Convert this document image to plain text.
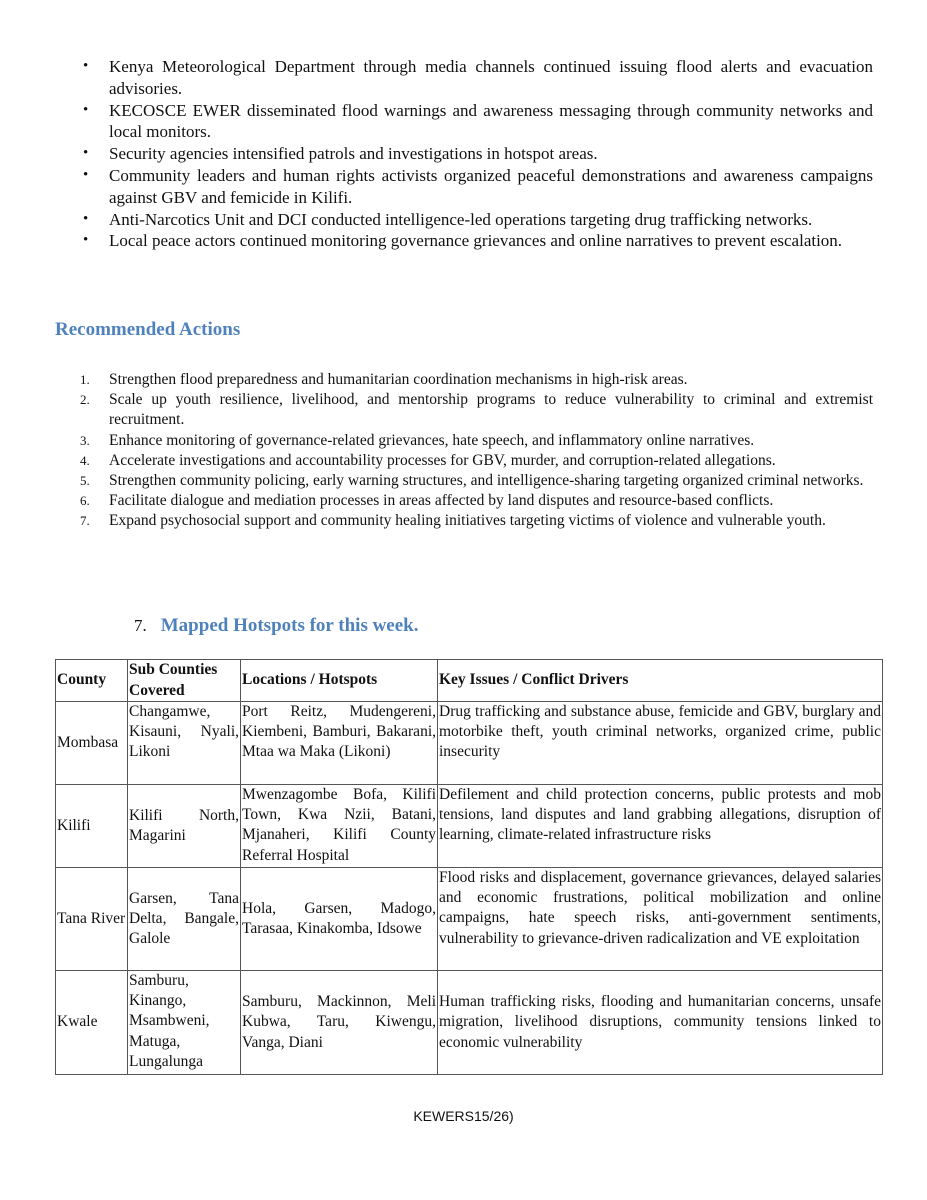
• Kenya Meteorological Department through media channels continued issuing flood alerts and evacuation advisories.
• KECOSCE EWER disseminated flood warnings and awareness messaging through community networks and local monitors.
• Security agencies intensified patrols and investigations in hotspot areas.
• Community leaders and human rights activists organized peaceful demonstrations and awareness campaigns against GBV and femicide in Kilifi.
• Anti-Narcotics Unit and DCI conducted intelligence-led operations targeting drug trafficking networks.
• Local peace actors continued monitoring governance grievances and online narratives to prevent escalation.
Recommended Actions
1. Strengthen flood preparedness and humanitarian coordination mechanisms in high-risk areas.
2. Scale up youth resilience, livelihood, and mentorship programs to reduce vulnerability to criminal and extremist recruitment.
3. Enhance monitoring of governance-related grievances, hate speech, and inflammatory online narratives.
4. Accelerate investigations and accountability processes for GBV, murder, and corruption-related allegations.
5. Strengthen community policing, early warning structures, and intelligence-sharing targeting organized criminal networks.
6. Facilitate dialogue and mediation processes in areas affected by land disputes and resource-based conflicts.
7. Expand psychosocial support and community healing initiatives targeting victims of violence and vulnerable youth.
7. Mapped Hotspots for this week.
County	Sub Counties Covered	Locations / Hotspots	Key Issues / Conflict Drivers
Mombasa	Changamwe, Kisauni, Nyali, Likoni	Port Reitz, Mudengereni, Kiembeni, Bamburi, Bakarani, Mtaa wa Maka (Likoni)	Drug trafficking and substance abuse, femicide and GBV, burglary and motorbike theft, youth criminal networks, organized crime, public insecurity
Kilifi	Kilifi North, Magarini	Mwenzagombe Bofa, Kilifi Town, Kwa Nzii, Batani, Mjanaheri, Kilifi County Referral Hospital	Defilement and child protection concerns, public protests and mob tensions, land disputes and land grabbing allegations, disruption of learning, climate-related infrastructure risks
Tana River	Garsen, Tana Delta, Bangale, Galole	Hola, Garsen, Madogo, Tarasaa, Kinakomba, Idsowe	Flood risks and displacement, governance grievances, delayed salaries and economic frustrations, political mobilization and online campaigns, hate speech risks, anti-government sentiments, vulnerability to grievance-driven radicalization and VE exploitation
Kwale	Samburu, Kinango, Msambweni, Matuga, Lungalunga	Samburu, Mackinnon, Meli Kubwa, Taru, Kiwengu, Vanga, Diani	Human trafficking risks, flooding and humanitarian concerns, unsafe migration, livelihood disruptions, community tensions linked to economic vulnerability
KEWERS15/26)
